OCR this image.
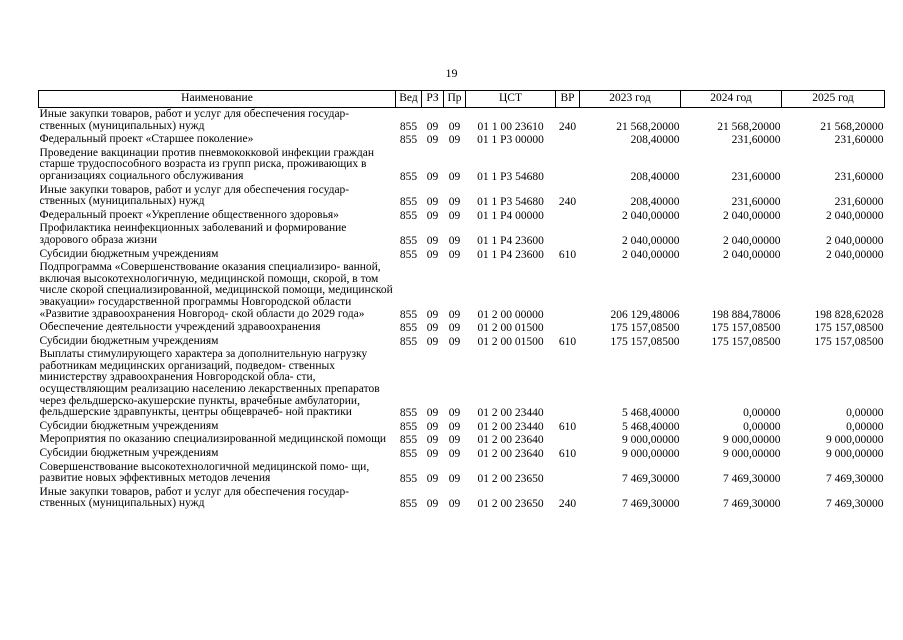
19
Наименование	Вед	РЗ	Пр	ЦСТ	ВР	2023 год	2024 год	2025 год
Иные закупки товаров, работ и услуг для обеспечения государ- ственных (муниципальных) нужд	855	09	09	01 1 00 23610	240	21 568,20000	21 568,20000	21 568,20000
Федеральный проект «Старшее поколение»	855	09	09	01 1 P3 00000		208,40000	231,60000	231,60000
Проведение вакцинации против пневмококковой инфекции граждан старше трудоспособного возраста из групп риска, проживающих в организациях социального обслуживания	855	09	09	01 1 P3 54680		208,40000	231,60000	231,60000
Иные закупки товаров, работ и услуг для обеспечения государ- ственных (муниципальных) нужд	855	09	09	01 1 P3 54680	240	208,40000	231,60000	231,60000
Федеральный проект «Укрепление общественного здоровья»	855	09	09	01 1 P4 00000		2 040,00000	2 040,00000	2 040,00000
Профилактика неинфекционных заболеваний и формирование здорового образа жизни	855	09	09	01 1 P4 23600		2 040,00000	2 040,00000	2 040,00000
Субсидии бюджетным учреждениям	855	09	09	01 1 P4 23600	610	2 040,00000	2 040,00000	2 040,00000
Подпрограмма «Совершенствование оказания специализиро- ванной, включая высокотехнологичную, медицинской помощи, скорой, в том числе скорой специализированной, медицинской помощи, медицинской эвакуации» государственной программы Новгородской области «Развитие здравоохранения Новгород- ской области до 2029 года»	855	09	09	01 2 00 00000		206 129,48006	198 884,78006	198 828,62028
Обеспечение деятельности учреждений здравоохранения	855	09	09	01 2 00 01500		175 157,08500	175 157,08500	175 157,08500
Субсидии бюджетным учреждениям	855	09	09	01 2 00 01500	610	175 157,08500	175 157,08500	175 157,08500
Выплаты стимулирующего характера за дополнительную нагрузку работникам медицинских организаций, подведом- ственных министерству здравоохранения Новгородской обла- сти, осуществляющим реализацию населению лекарственных препаратов через фельдшерско-акушерские пункты, врачебные амбулатории, фельдшерские здравпункты, центры общеврачеб- ной практики	855	09	09	01 2 00 23440		5 468,40000	0,00000	0,00000
Субсидии бюджетным учреждениям	855	09	09	01 2 00 23440	610	5 468,40000	0,00000	0,00000
Мероприятия по оказанию специализированной медицинской помощи	855	09	09	01 2 00 23640		9 000,00000	9 000,00000	9 000,00000
Субсидии бюджетным учреждениям	855	09	09	01 2 00 23640	610	9 000,00000	9 000,00000	9 000,00000
Совершенствование высокотехнологичной медицинской помо- щи, развитие новых эффективных методов лечения	855	09	09	01 2 00 23650		7 469,30000	7 469,30000	7 469,30000
Иные закупки товаров, работ и услуг для обеспечения государ- ственных (муниципальных) нужд	855	09	09	01 2 00 23650	240	7 469,30000	7 469,30000	7 469,30000
